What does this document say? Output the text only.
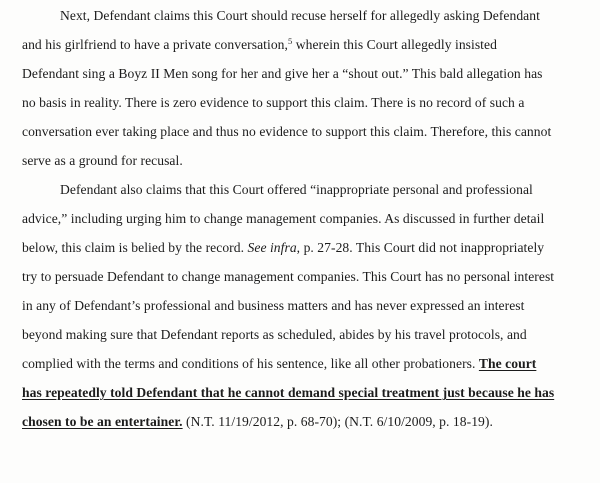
Next, Defendant claims this Court should recuse herself for allegedly asking Defendant
and his girlfriend to have a private conversation,$^5$ wherein this Court allegedly insisted
Defendant sing a Boyz II Men song for her and give her a “shout out.” This bald allegation has
no basis in reality. There is zero evidence to support this claim. There is no record of such a
conversation ever taking place and thus no evidence to support this claim. Therefore, this cannot
serve as a ground for recusal.
Defendant also claims that this Court offered “inappropriate personal and professional
advice,” including urging him to change management companies. As discussed in further detail
below, this claim is belied by the record. See infra, p. 27-28. This Court did not inappropriately
try to persuade Defendant to change management companies. This Court has no personal interest
in any of Defendant’s professional and business matters and has never expressed an interest
beyond making sure that Defendant reports as scheduled, abides by his travel protocols, and
complied with the terms and conditions of his sentence, like all other probationers. The court
has repeatedly told Defendant that he cannot demand special treatment just because he has
chosen to be an entertainer. (N.T. 11/19/2012, p. 68-70); (N.T. 6/10/2009, p. 18-19).
